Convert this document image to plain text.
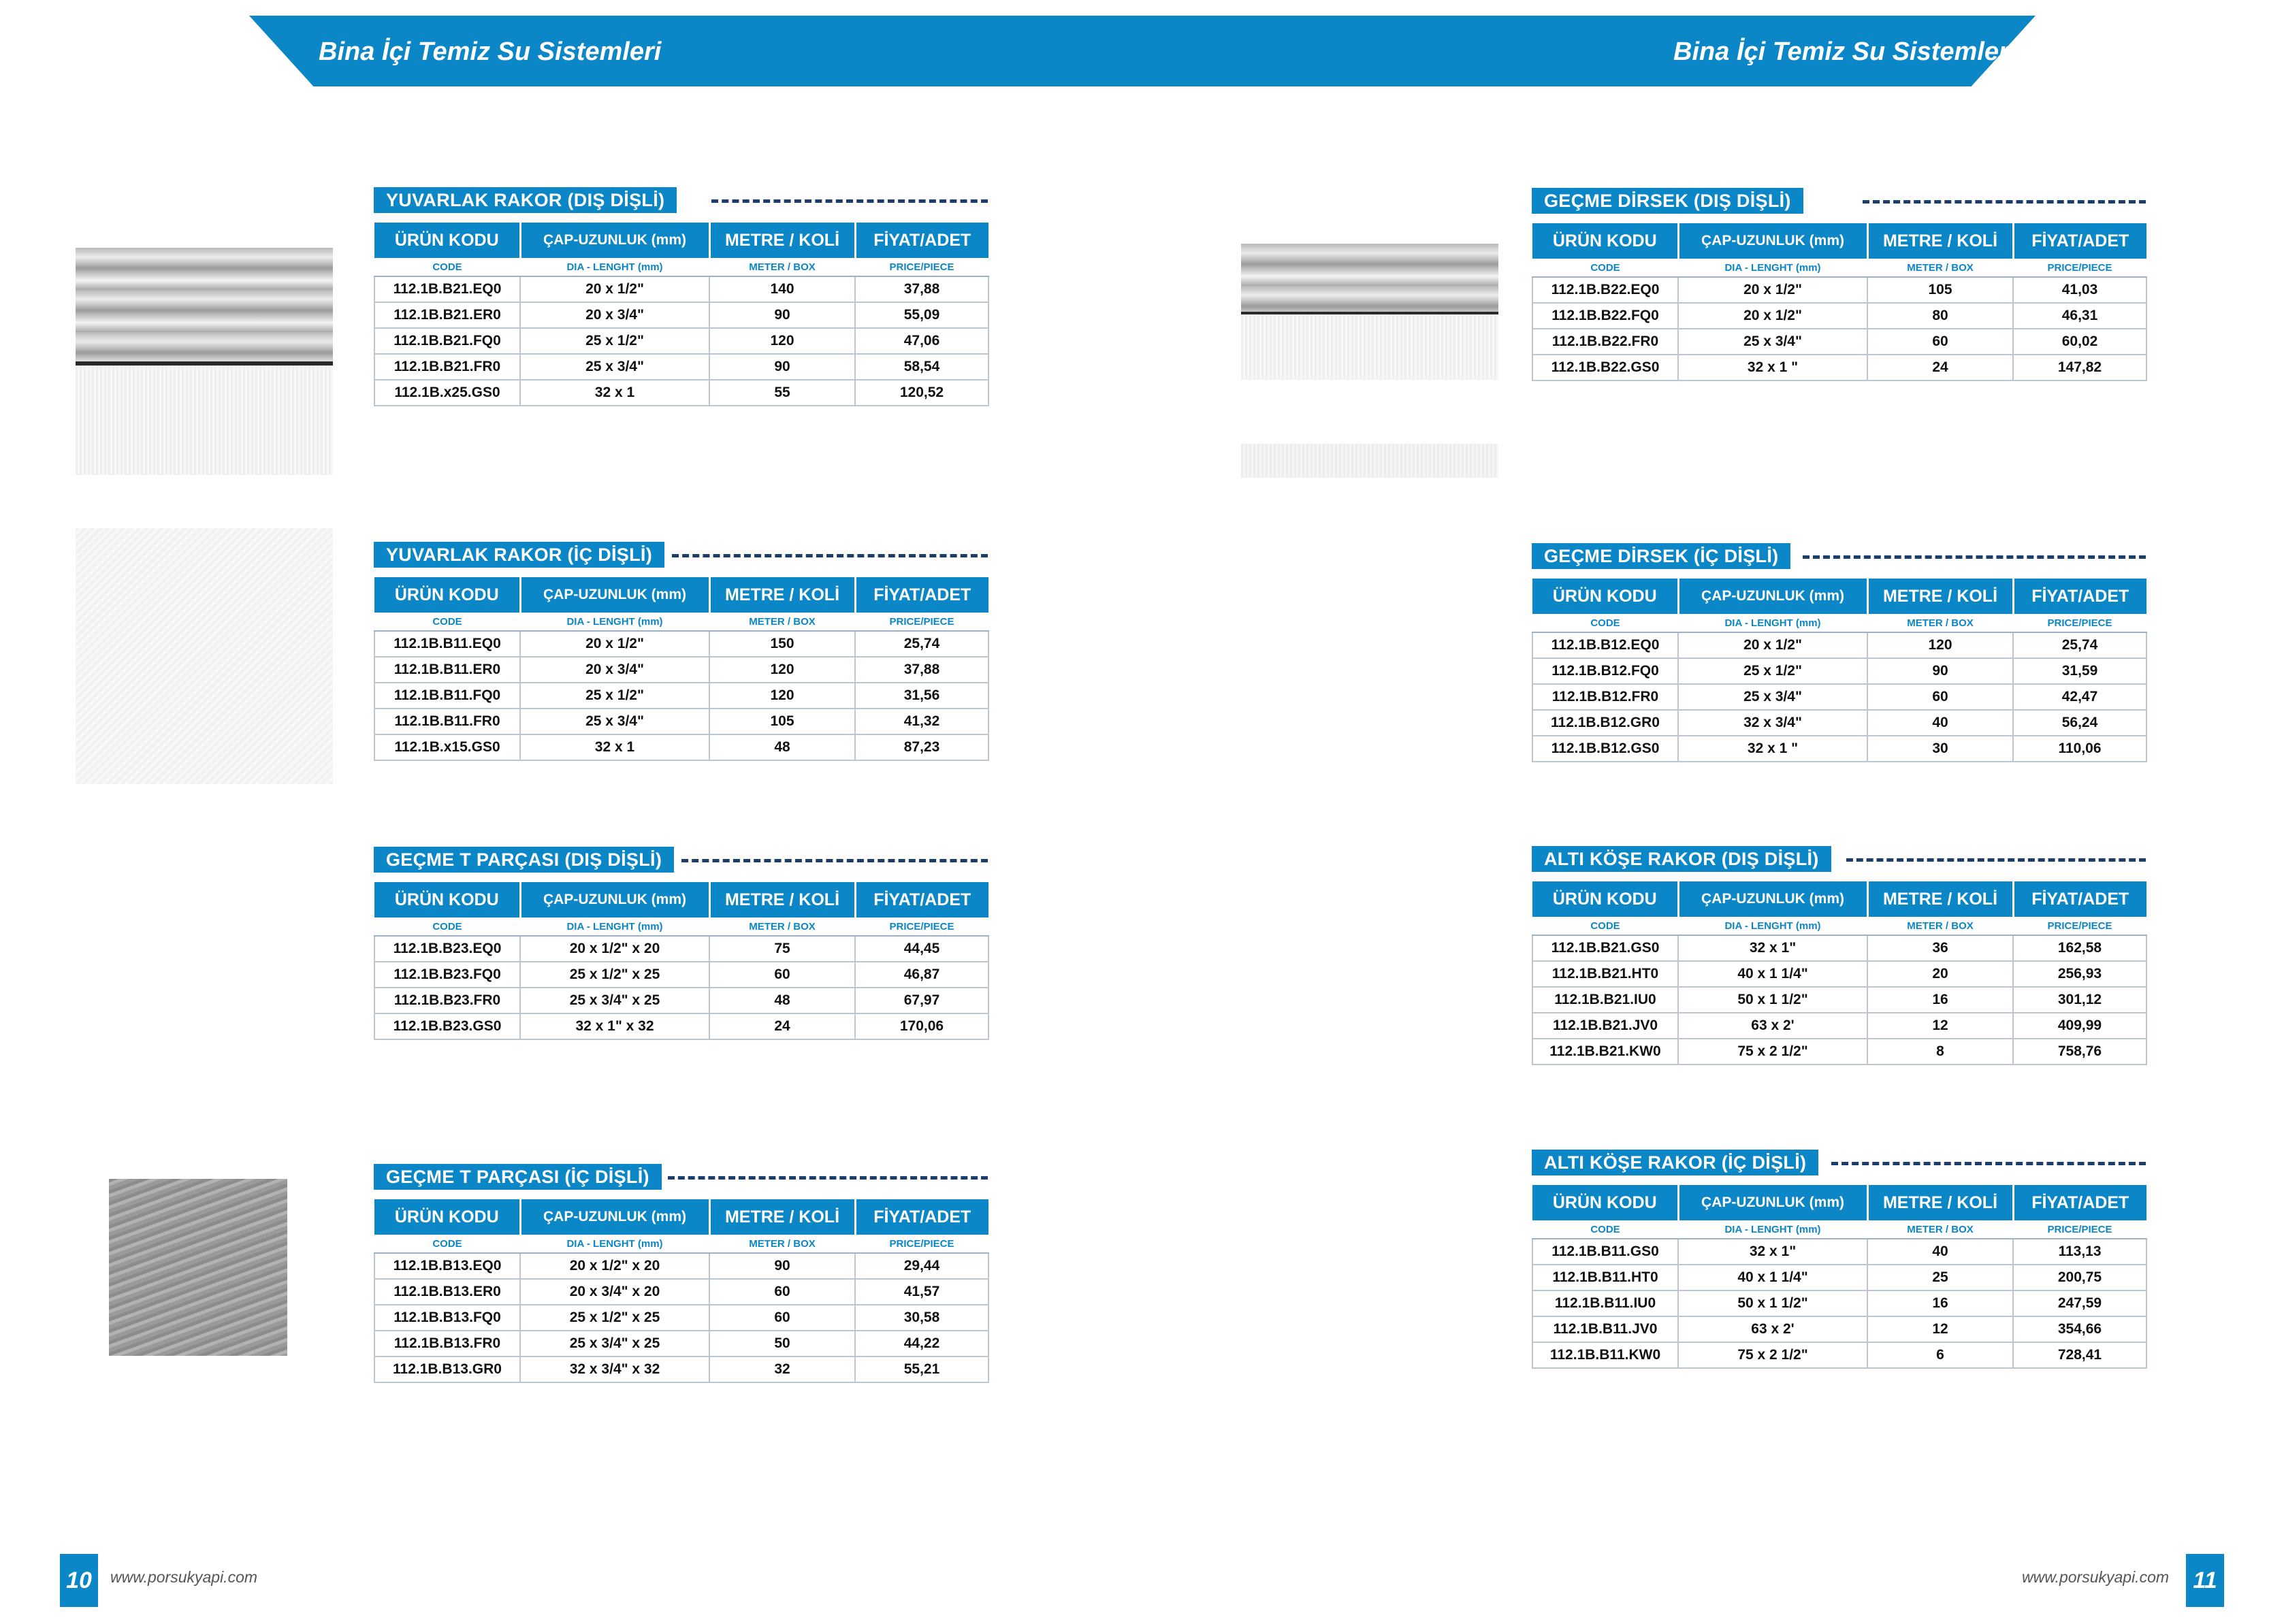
Bina İçi Temiz Su Sistemleri	Bina İçi Temiz Su Sistemleri
YUVARLAK RAKOR (DIŞ DİŞLİ)
ÜRÜN KODU	ÇAP-UZUNLUK (mm)	METRE / KOLİ	FİYAT/ADET
CODE	DIA - LENGHT (mm)	METER / BOX	PRICE/PIECE
112.1B.B21.EQ0	20 x 1/2"	140	37,88
112.1B.B21.ER0	20 x 3/4"	90	55,09
112.1B.B21.FQ0	25 x 1/2"	120	47,06
112.1B.B21.FR0	25 x 3/4"	90	58,54
112.1B.x25.GS0	32 x 1	55	120,52
YUVARLAK RAKOR (İÇ DİŞLİ)
ÜRÜN KODU	ÇAP-UZUNLUK (mm)	METRE / KOLİ	FİYAT/ADET
CODE	DIA - LENGHT (mm)	METER / BOX	PRICE/PIECE
112.1B.B11.EQ0	20 x 1/2"	150	25,74
112.1B.B11.ER0	20 x 3/4"	120	37,88
112.1B.B11.FQ0	25 x 1/2"	120	31,56
112.1B.B11.FR0	25 x 3/4"	105	41,32
112.1B.x15.GS0	32 x 1	48	87,23
GEÇME T PARÇASI (DIŞ DİŞLİ)
ÜRÜN KODU	ÇAP-UZUNLUK (mm)	METRE / KOLİ	FİYAT/ADET
CODE	DIA - LENGHT (mm)	METER / BOX	PRICE/PIECE
112.1B.B23.EQ0	20 x 1/2" x 20	75	44,45
112.1B.B23.FQ0	25 x 1/2" x 25	60	46,87
112.1B.B23.FR0	25 x 3/4" x 25	48	67,97
112.1B.B23.GS0	32 x 1" x 32	24	170,06
GEÇME T PARÇASI (İÇ DİŞLİ)
ÜRÜN KODU	ÇAP-UZUNLUK (mm)	METRE / KOLİ	FİYAT/ADET
CODE	DIA - LENGHT (mm)	METER / BOX	PRICE/PIECE
112.1B.B13.EQ0	20 x 1/2" x 20	90	29,44
112.1B.B13.ER0	20 x 3/4" x 20	60	41,57
112.1B.B13.FQ0	25 x 1/2" x 25	60	30,58
112.1B.B13.FR0	25 x 3/4" x 25	50	44,22
112.1B.B13.GR0	32 x 3/4" x 32	32	55,21
GEÇME DİRSEK (DIŞ DİŞLİ)
ÜRÜN KODU	ÇAP-UZUNLUK (mm)	METRE / KOLİ	FİYAT/ADET
CODE	DIA - LENGHT (mm)	METER / BOX	PRICE/PIECE
112.1B.B22.EQ0	20 x 1/2"	105	41,03
112.1B.B22.FQ0	20 x 1/2"	80	46,31
112.1B.B22.FR0	25 x 3/4"	60	60,02
112.1B.B22.GS0	32 x 1 "	24	147,82
GEÇME DİRSEK (İÇ DİŞLİ)
ÜRÜN KODU	ÇAP-UZUNLUK (mm)	METRE / KOLİ	FİYAT/ADET
CODE	DIA - LENGHT (mm)	METER / BOX	PRICE/PIECE
112.1B.B12.EQ0	20 x 1/2"	120	25,74
112.1B.B12.FQ0	25 x 1/2"	90	31,59
112.1B.B12.FR0	25 x 3/4"	60	42,47
112.1B.B12.GR0	32 x 3/4"	40	56,24
112.1B.B12.GS0	32 x 1 "	30	110,06
ALTI KÖŞE RAKOR (DIŞ DİŞLİ)
ÜRÜN KODU	ÇAP-UZUNLUK (mm)	METRE / KOLİ	FİYAT/ADET
CODE	DIA - LENGHT (mm)	METER / BOX	PRICE/PIECE
112.1B.B21.GS0	32 x 1"	36	162,58
112.1B.B21.HT0	40 x 1 1/4"	20	256,93
112.1B.B21.IU0	50 x 1 1/2"	16	301,12
112.1B.B21.JV0	63 x 2'	12	409,99
112.1B.B21.KW0	75 x 2 1/2"	8	758,76
ALTI KÖŞE RAKOR (İÇ DİŞLİ)
ÜRÜN KODU	ÇAP-UZUNLUK (mm)	METRE / KOLİ	FİYAT/ADET
CODE	DIA - LENGHT (mm)	METER / BOX	PRICE/PIECE
112.1B.B11.GS0	32 x 1"	40	113,13
112.1B.B11.HT0	40 x 1 1/4"	25	200,75
112.1B.B11.IU0	50 x 1 1/2"	16	247,59
112.1B.B11.JV0	63 x 2'	12	354,66
112.1B.B11.KW0	75 x 2 1/2"	6	728,41
10	www.porsukyapi.com	www.porsukyapi.com	11
